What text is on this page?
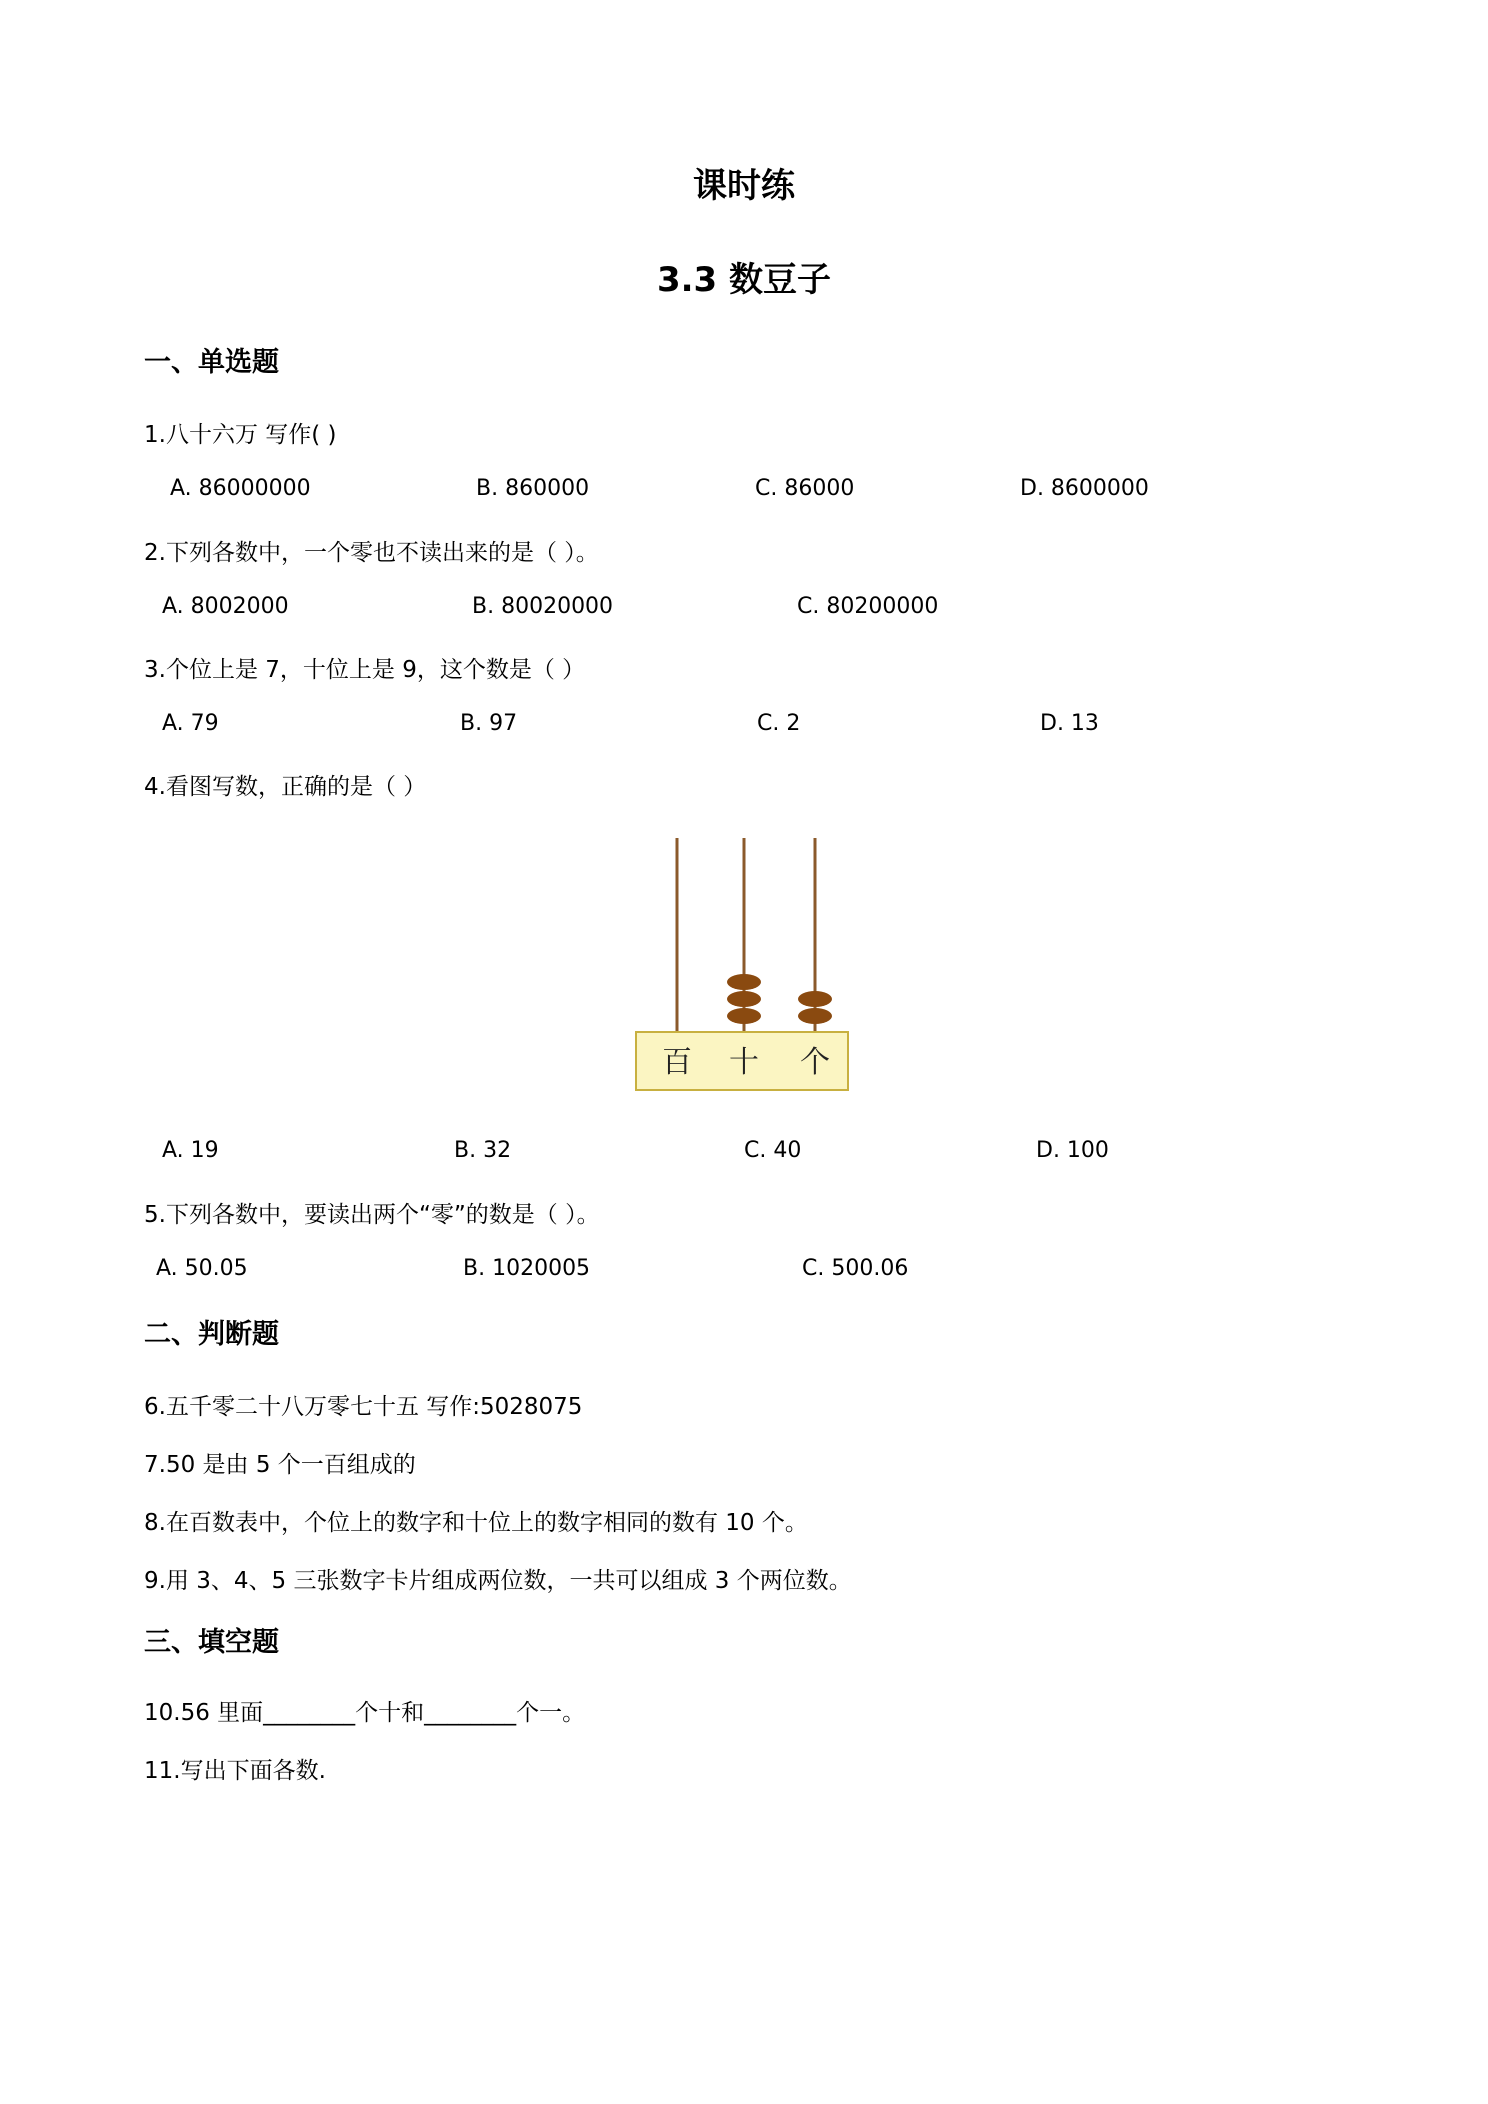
课时练
3.3 数豆子
一、单选题
1.八十六万 写作( )
A. 86000000	B. 860000	C. 86000	D. 8600000
2.下列各数中，一个零也不读出来的是（ ）。
A. 8002000	B. 80020000	C. 80200000
3.个位上是 7，十位上是 9，这个数是（ ）
A. 79	B. 97	C. 2	D. 13
4.看图写数，正确的是（ ）
百 十 个
A. 19	B. 32	C. 40	D. 100
5.下列各数中，要读出两个“零”的数是（ ）。
A. 50.05	B. 1020005	C. 500.06
二、判断题
6.五千零二十八万零七十五 写作:5028075
7.50 是由 5 个一百组成的
8.在百数表中，个位上的数字和十位上的数字相同的数有 10 个。
9.用 3、4、5 三张数字卡片组成两位数，一共可以组成 3 个两位数。
三、填空题
10.56 里面________个十和________个一。
11.写出下面各数.
